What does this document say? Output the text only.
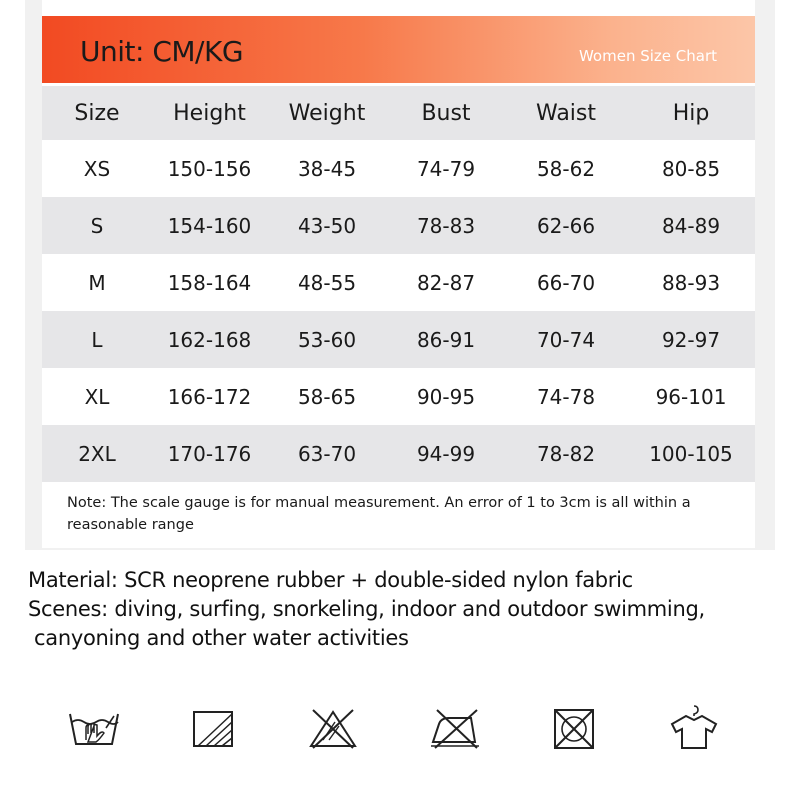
Unit: CM/KG	Women Size Chart
Size	Height	Weight	Bust	Waist	Hip
XS	150-156	38-45	74-79	58-62	80-85
S	154-160	43-50	78-83	62-66	84-89
M	158-164	48-55	82-87	66-70	88-93
L	162-168	53-60	86-91	70-74	92-97
XL	166-172	58-65	90-95	74-78	96-101
2XL	170-176	63-70	94-99	78-82	100-105
Note: The scale gauge is for manual measurement. An error of 1 to 3cm is all within a reasonable range
Material: SCR neoprene rubber + double-sided nylon fabric
Scenes: diving, surfing, snorkeling, indoor and outdoor swimming,
canyoning and other water activities
